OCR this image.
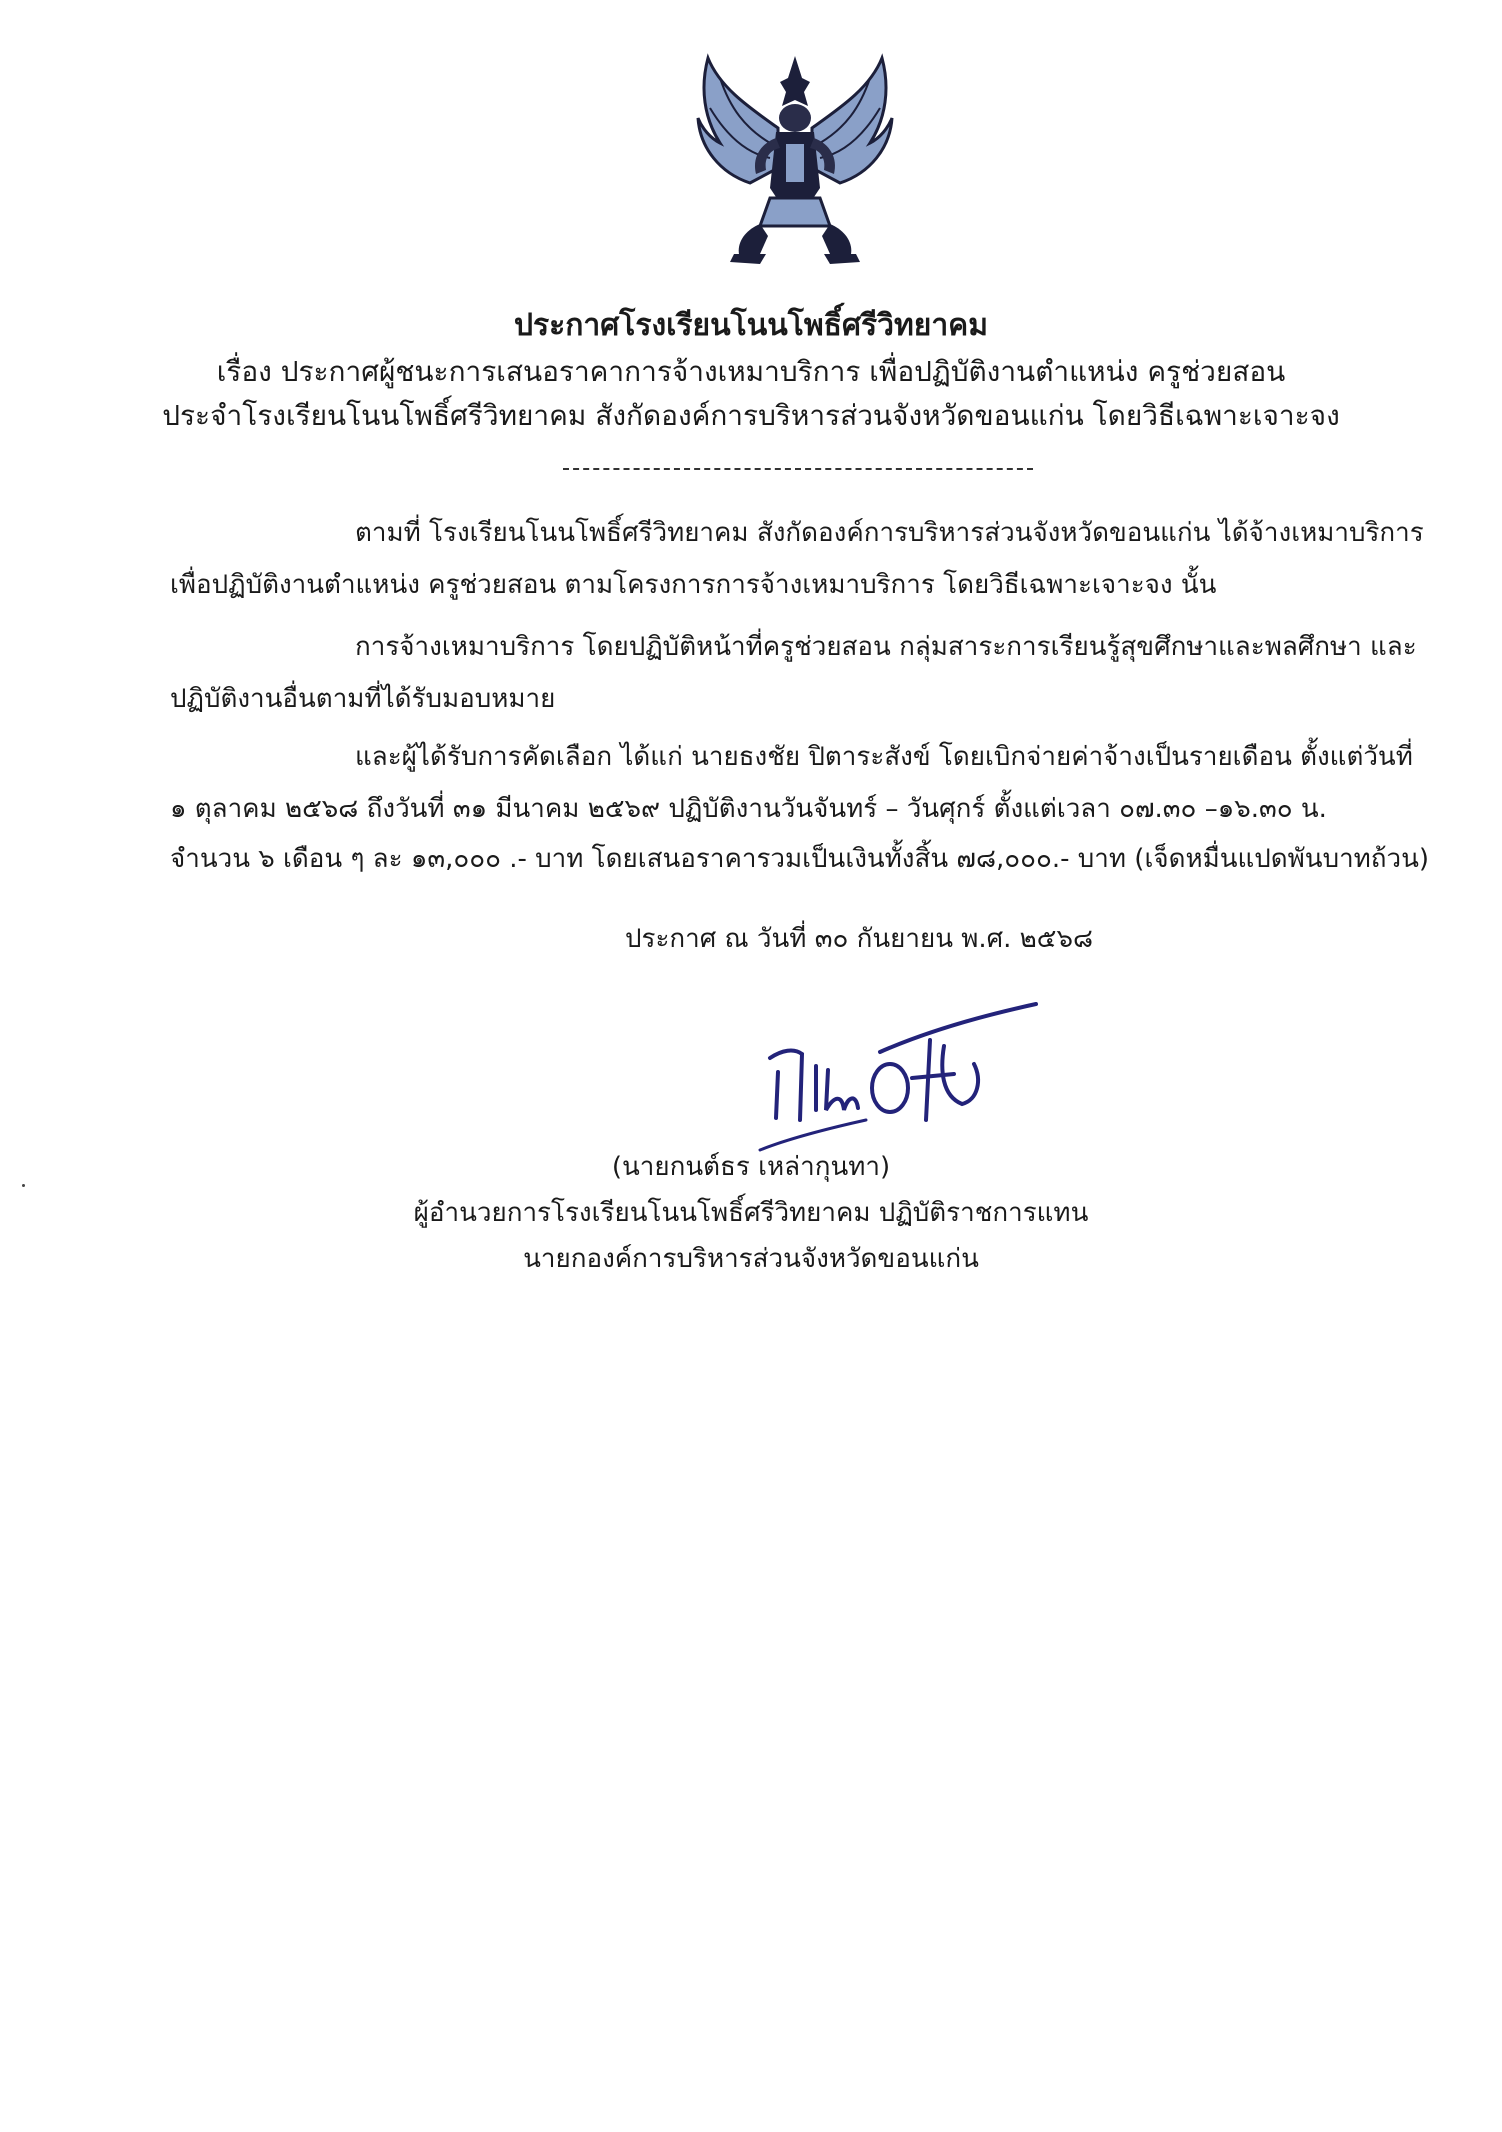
ประกาศโรงเรียนโนนโพธิ์ศรีวิทยาคม
เรื่อง ประกาศผู้ชนะการเสนอราคาการจ้างเหมาบริการ เพื่อปฏิบัติงานตำแหน่ง ครูช่วยสอน
ประจำโรงเรียนโนนโพธิ์ศรีวิทยาคม สังกัดองค์การบริหารส่วนจังหวัดขอนแก่น โดยวิธีเฉพาะเจาะจง
ตามที่ โรงเรียนโนนโพธิ์ศรีวิทยาคม สังกัดองค์การบริหารส่วนจังหวัดขอนแก่น ได้จ้างเหมาบริการ
เพื่อปฏิบัติงานตำแหน่ง ครูช่วยสอน ตามโครงการการจ้างเหมาบริการ โดยวิธีเฉพาะเจาะจง นั้น
การจ้างเหมาบริการ โดยปฏิบัติหน้าที่ครูช่วยสอน กลุ่มสาระการเรียนรู้สุขศึกษาและพลศึกษา และ
ปฏิบัติงานอื่นตามที่ได้รับมอบหมาย
และผู้ได้รับการคัดเลือก ได้แก่ นายธงชัย ปิตาระสังข์ โดยเบิกจ่ายค่าจ้างเป็นรายเดือน ตั้งแต่วันที่
๑ ตุลาคม ๒๕๖๘ ถึงวันที่ ๓๑ มีนาคม ๒๕๖๙ ปฏิบัติงานวันจันทร์ – วันศุกร์ ตั้งแต่เวลา ๐๗.๓๐ –๑๖.๓๐ น.
จำนวน ๖ เดือน ๆ ละ ๑๓,๐๐๐ .- บาท โดยเสนอราคารวมเป็นเงินทั้งสิ้น ๗๘,๐๐๐.- บาท (เจ็ดหมื่นแปดพันบาทถ้วน)
ประกาศ ณ วันที่ ๓๐ กันยายน พ.ศ. ๒๕๖๘
(นายกนต์ธร เหล่ากุนทา)
ผู้อำนวยการโรงเรียนโนนโพธิ์ศรีวิทยาคม ปฏิบัติราชการแทน
นายกองค์การบริหารส่วนจังหวัดขอนแก่น
